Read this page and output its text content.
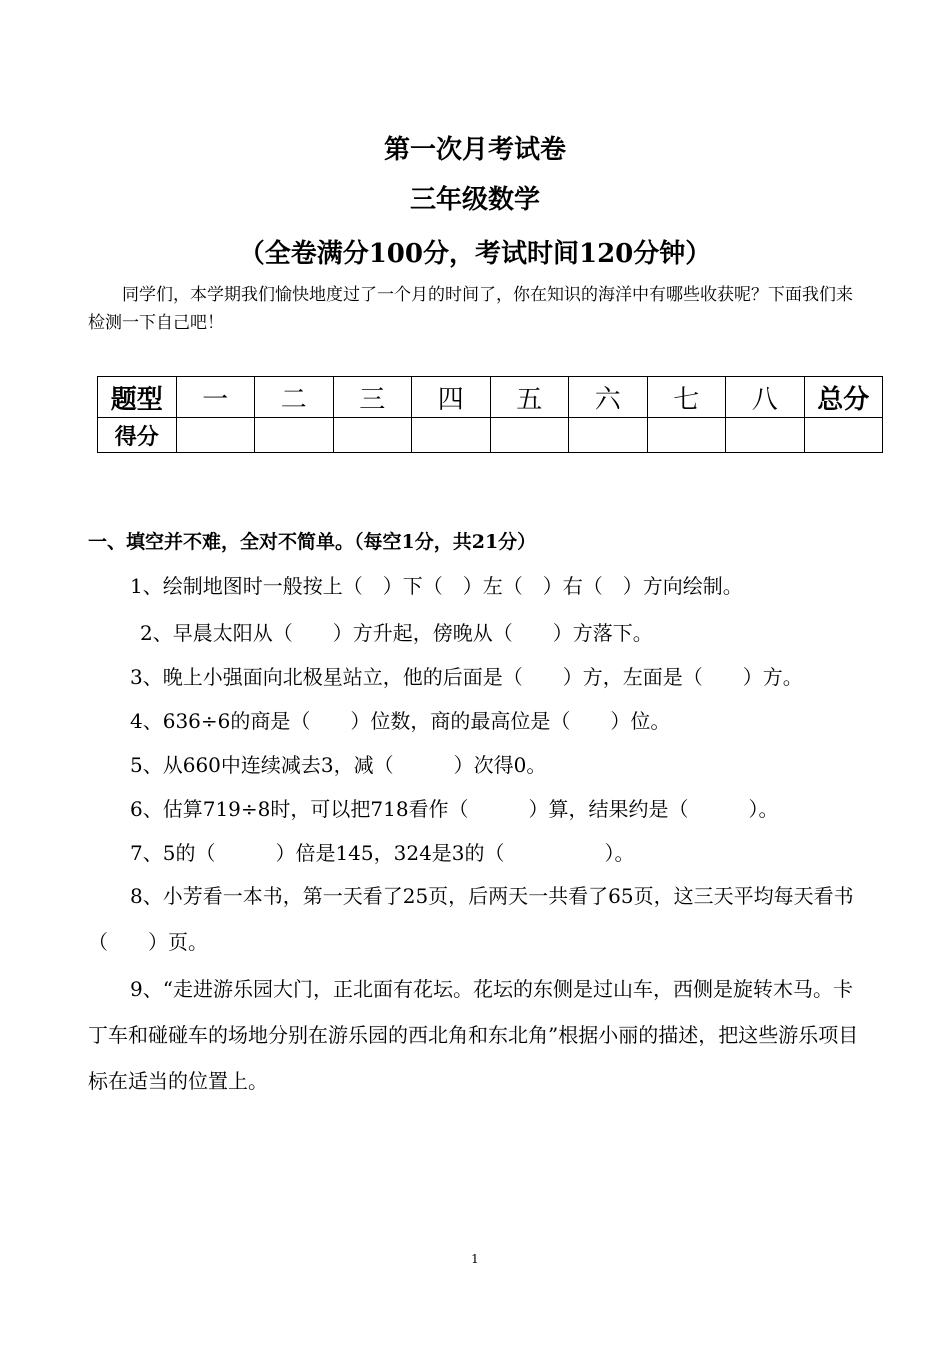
第一次月考试卷
三年级数学
（全卷满分100分，考试时间120分钟）

同学们，本学期我们愉快地度过了一个月的时间了，你在知识的海洋中有哪些收获呢？下面我们来检测一下自己吧！

题型	一	二	三	四	五	六	七	八	总分
得分									

一、填空并不难，全对不简单。（每空1分，共21分）

1、绘制地图时一般按上（　）下（　）左（　）右（　）方向绘制。

2、早晨太阳从（　　）方升起，傍晚从（　　）方落下。

3、晚上小强面向北极星站立，他的后面是（　　）方，左面是（　　）方。

4、636÷6的商是（　　）位数，商的最高位是（　　）位。

5、从660中连续减去3，减（　　　）次得0。

6、估算719÷8时，可以把718看作（　　　）算，结果约是（　　　）。

7、5的（　　　）倍是145，324是3的（　　　　　）。

8、小芳看一本书，第一天看了25页，后两天一共看了65页，这三天平均每天看书（　　）页。

9、“走进游乐园大门，正北面有花坛。花坛的东侧是过山车，西侧是旋转木马。卡丁车和碰碰车的场地分别在游乐园的西北角和东北角”根据小丽的描述，把这些游乐项目标在适当的位置上。

1
